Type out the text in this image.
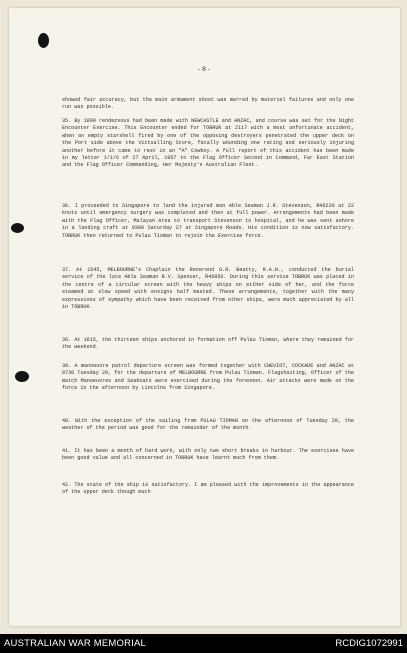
-8-

showed fair accuracy, but the main armament shoot was marred by materiel failures and only one run was possible.

35. By 1800 rendezvous had been made with NEWCASTLE and ANZAC, and course was set for the Night Encounter Exercise. This Encounter ended for TOBRUK at 2117 with a most unfortunate accident, when an empty starshell fired by one of the opposing destroyers penetrated the upper deck on the Port side above the Victualling Store, fatally wounding one rating and seriously injuring another before it came to rest in an "A" Cowboy. A full report of this accident has been made in my letter 1/1/6 of 27 April, 1957 to the Flag Officer Second in Command, Far East Station and the Flag Officer Commanding, Her Majesty's Australian Fleet.

36. I proceeded to Singapore to land the injured man Able Seaman J.R. Stevenson, R46220 at 22 knots until emergency surgery was completed and then at full power. Arrangements had been made with the Flag Officer, Malayan Area to transport Stevenson to hospital, and he was sent ashore in a landing craft at 0300 Saturday 27 at Singapore Roads. His condition is now satisfactory. TOBRUK then returned to Pulau Tioman to rejoin the Exercise force.

37. At 1545, MELBOURNE's Chaplain the Reverend G.R. Beatty, R.A.N., conducted the burial service of the late Able Seaman R.V. Spencer, R46856. During this service TOBRUK was placed in the centre of a circular screen with the heavy ships on either side of her, and the force steamed at slow speed with ensigns half masted. These arrangements, together with the many expressions of sympathy which have been received from other ships, were much appreciated by all in TOBRUK.

38. At 1615, the thirteen ships anchored in formation off Pulau Tioman, where they remained for the weekend.

39. A manoeuvre patrol departure screen was formed together with CHEVIOT, COCKADE and ANZAC at 0730 Tuesday 29, for the departure of MELBOURNE from Pulau Tioman. Flagshaiting, Officer of the Watch Manoeuvres and Seaboats were exercised during the forenoon. Air attacks were made on the force in the afternoon by Lincolns from Singapore.

40. With the exception of the sailing from PULAU TIOMAN on the afternoon of Tuesday 29, the weather of the period was good for the remainder of the month.

41. It has been a month of hard work, with only two short breaks in harbour. The exercises have been good value and all concerned in TOBRUK have learnt much from them.

42. The state of the ship is satisfactory. I am pleased with the improvements in the appearance of the upper deck though much

AUSTRALIAN WAR MEMORIAL	RCDIG1072991
